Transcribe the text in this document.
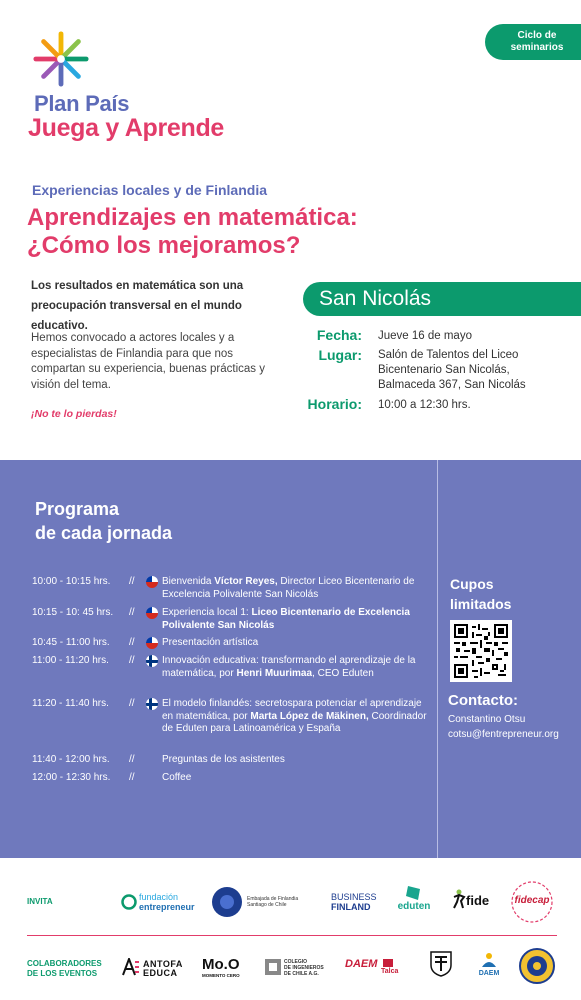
Ciclo de
seminarios
Plan País
Juega y Aprende
Experiencias locales y de Finlandia
Aprendizajes en matemática:
¿Cómo los mejoramos?
Los resultados en matemática son una preocupación transversal en el mundo educativo.
Hemos convocado a actores locales y a especialistas de Finlandia para que nos compartan su experiencia, buenas prácticas y visión del tema.
¡No te lo pierdas!
San Nicolás
Fecha: Jueve 16 de mayo
Lugar: Salón de Talentos del Liceo
Bicentenario San Nicolás,
Balmaceda 367, San Nicolás
Horario: 10:00 a 12:30 hrs.
Programa
de cada jornada
10:00 - 10:15 hrs.	//	Bienvenida Víctor Reyes, Director Liceo Bicentenario de Excelencia Polivalente San Nicolás
10:15 - 10: 45 hrs.	//	Experiencia local 1: Liceo Bicentenario de Excelencia Polivalente San Nicolás
10:45 - 11:00 hrs.	//	Presentación artística
11:00 - 11:20 hrs.	//	Innovación educativa: transformando el aprendizaje de la matemática, por Henri Muurimaa, CEO Eduten
11:20 - 11:40 hrs.	//	El modelo finlandés: secretospara potenciar el aprendizaje en matemática, por Marta López de Mäkinen, Coordinador de Eduten para Latinoamérica y España
11:40 - 12:00 hrs.	//	Preguntas de los asistentes
12:00 - 12:30 hrs.	//	Coffee
Cupos
limitados
Contacto:
Constantino Otsu
cotsu@fentrepreneur.org
INVITA	fundación
entrepreneur
Embajada de Finlandia
Santiago de Chile
BUSINESS
FINLAND	eduten	fide	fidecap
COLABORADORES
DE LOS EVENTOS
ANTOFA
EDUCA Mo.O
MOMENTO CERO
COLEGIO
DE INGENIEROS
DE CHILE A.G.
DAEM
Talca	DAEM
